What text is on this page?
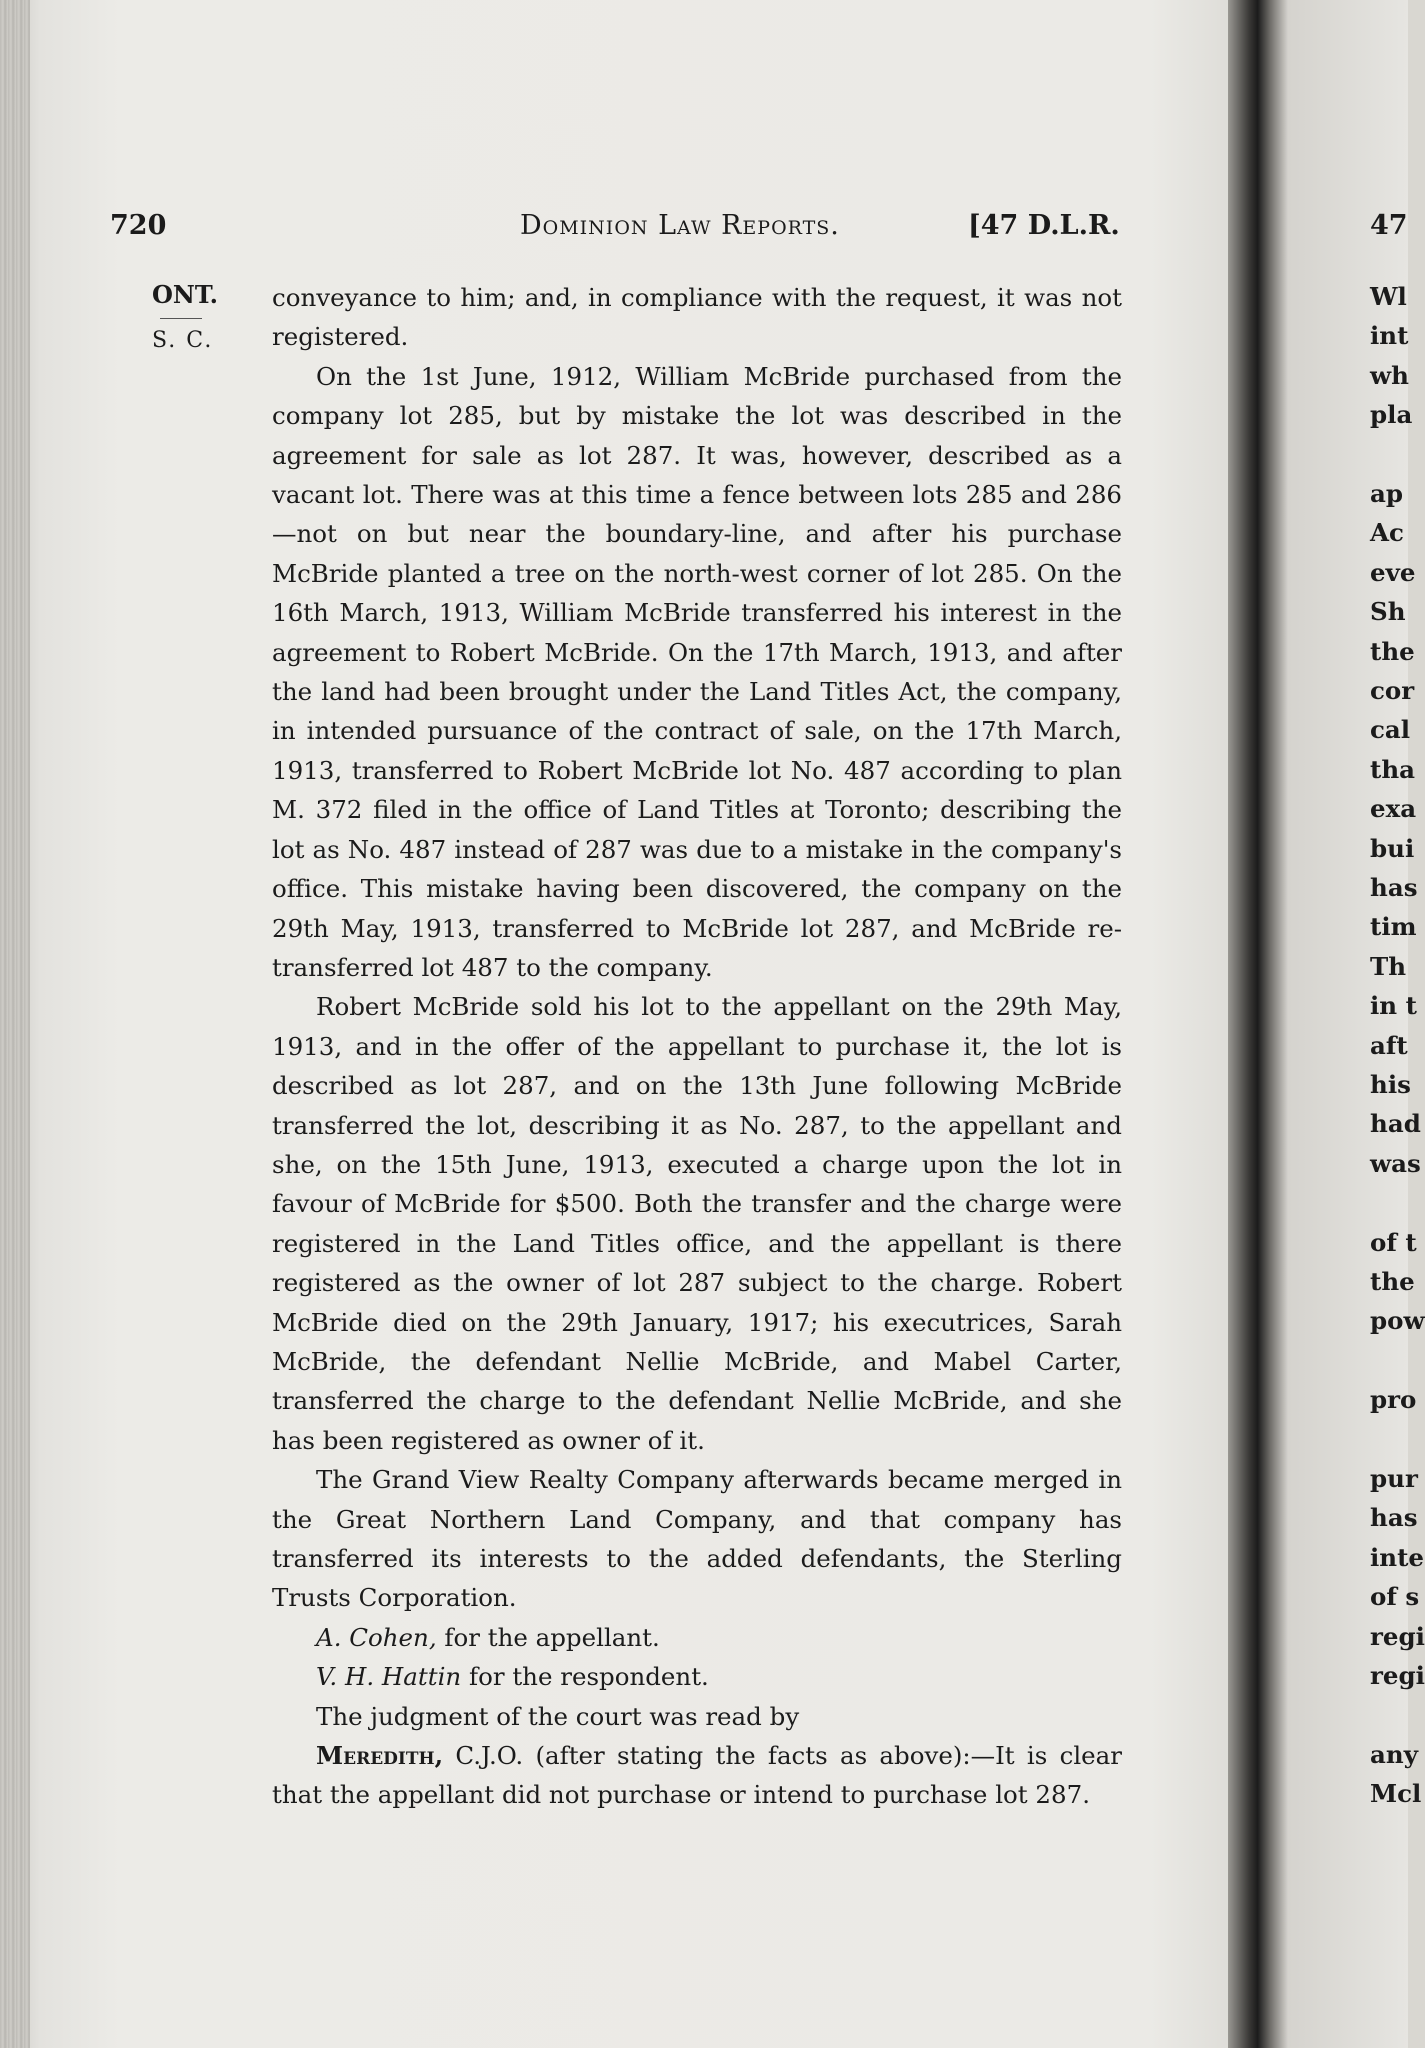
720	Dominion Law Reports.	[47 D.L.R.
ONT.
S. C.

conveyance to him; and, in compliance with the request, it was not registered.

On the 1st June, 1912, William McBride purchased from the company lot 285, but by mistake the lot was described in the agreement for sale as lot 287. It was, however, described as a vacant lot. There was at this time a fence between lots 285 and 286—not on but near the boundary-line, and after his purchase McBride planted a tree on the north-west corner of lot 285. On the 16th March, 1913, William McBride transferred his interest in the agreement to Robert McBride. On the 17th March, 1913, and after the land had been brought under the Land Titles Act, the company, in intended pursuance of the contract of sale, on the 17th March, 1913, transferred to Robert McBride lot No. 487 according to plan M. 372 filed in the office of Land Titles at Toronto; describing the lot as No. 487 instead of 287 was due to a mistake in the company's office. This mistake having been discovered, the company on the 29th May, 1913, transferred to McBride lot 287, and McBride re-transferred lot 487 to the company.

Robert McBride sold his lot to the appellant on the 29th May, 1913, and in the offer of the appellant to purchase it, the lot is described as lot 287, and on the 13th June following McBride transferred the lot, describing it as No. 287, to the appellant and she, on the 15th June, 1913, executed a charge upon the lot in favour of McBride for $500. Both the transfer and the charge were registered in the Land Titles office, and the appellant is there registered as the owner of lot 287 subject to the charge. Robert McBride died on the 29th January, 1917; his executrices, Sarah McBride, the defendant Nellie McBride, and Mabel Carter, transferred the charge to the defendant Nellie McBride, and she has been registered as owner of it.

The Grand View Realty Company afterwards became merged in the Great Northern Land Company, and that company has transferred its interests to the added defendants, the Sterling Trusts Corporation.

A. Cohen, for the appellant.

V. H. Hattin for the respondent.

The judgment of the court was read by

Meredith, C.J.O. (after stating the facts as above):—It is clear that the appellant did not purchase or intend to purchase lot 287.

47
Wl
int
wh
pla
ap
Ac
eve
Sh
the
cor
cal
tha
exa
bui
has
tim
Th
in t
aft
his
had
was
of t
the
pow
pro
pur
has
inte
of s
regi
regi
any
Mcl
